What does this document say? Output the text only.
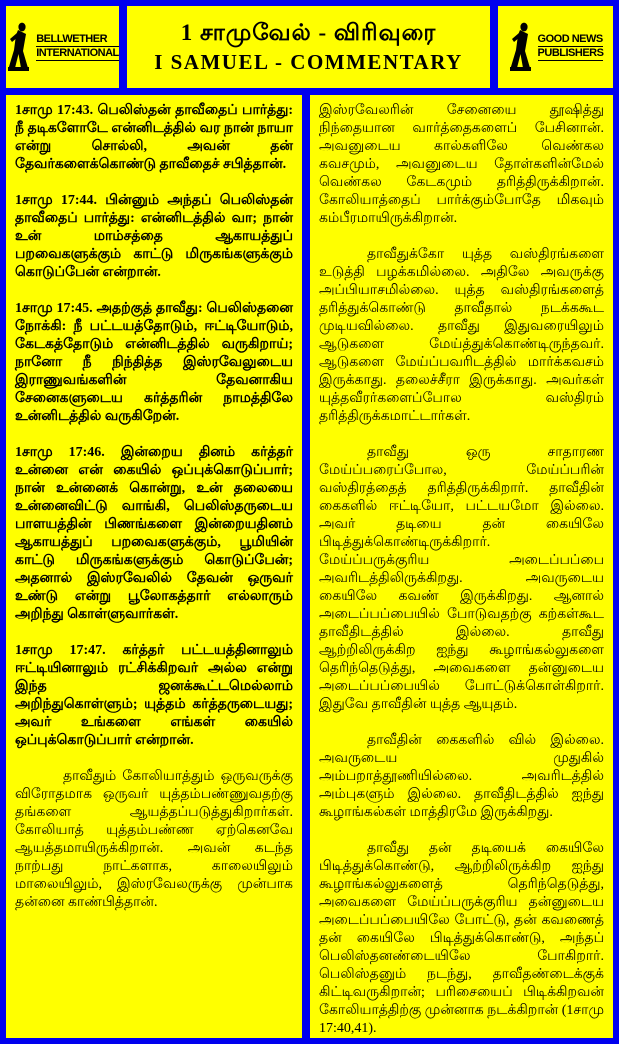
BELLWETHER
INTERNATIONAL
1 சாமுவேல் - விரிவுரை
I SAMUEL - COMMENTARY
GOOD NEWS
PUBLISHERS

1சாமு 17:43. பெலிஸ்தன் தாவீதைப் பார்த்து: நீ தடிகளோடே என்னிடத்தில் வர நான் நாயா என்று சொல்லி, அவன் தன் தேவர்களைக்கொண்டு தாவீதைச் சபித்தான்.

1சாமு 17:44. பின்னும் அந்தப் பெலிஸ்தன் தாவீதைப் பார்த்து: என்னிடத்தில் வா; நான் உன் மாம்சத்தை ஆகாயத்துப் பறவைகளுக்கும் காட்டு மிருகங்களுக்கும் கொடுப்பேன் என்றான்.

1சாமு 17:45. அதற்குத் தாவீது: பெலிஸ்தனை நோக்கி: நீ பட்டயத்தோடும், ஈட்டியோடும், கேடகத்தோடும் என்னிடத்தில் வருகிறாய்; நானோ நீ நிந்தித்த இஸ்ரவேலுடைய இராணுவங்களின் தேவனாகிய சேனைகளுடைய கர்த்தரின் நாமத்திலே உன்னிடத்தில் வருகிறேன்.

1சாமு 17:46. இன்றைய தினம் கர்த்தர் உன்னை என் கையில் ஒப்புக்கொடுப்பார்; நான் உன்னைக் கொன்று, உன் தலையை உன்னைவிட்டு வாங்கி, பெலிஸ்தருடைய பாளயத்தின் பிணங்களை இன்றையதினம் ஆகாயத்துப் பறவைகளுக்கும், பூமியின் காட்டு மிருகங்களுக்கும் கொடுப்பேன்; அதனால் இஸ்ரவேலில் தேவன் ஒருவர் உண்டு என்று பூலோகத்தார் எல்லாரும் அறிந்து கொள்ளுவார்கள்.

1சாமு 17:47. கர்த்தர் பட்டயத்தினாலும் ஈட்டியினாலும் ரட்சிக்கிறவர் அல்ல என்று இந்த ஜனக்கூட்டமெல்லாம் அறிந்துகொள்ளும்; யுத்தம் கர்த்தருடையது; அவர் உங்களை எங்கள் கையில் ஒப்புக்கொடுப்பார் என்றான்.

தாவீதும் கோலியாத்தும் ஒருவருக்கு விரோதமாக ஒருவர் யுத்தம்பண்ணுவதற்கு தங்களை ஆயத்தப்படுத்துகிறார்கள். கோலியாத் யுத்தம்பண்ண ஏற்கெனவே ஆயத்தமாயிருக்கிறான். அவன் கடந்த நாற்பது நாட்களாக, காலையிலும் மாலையிலும், இஸ்ரவேலருக்கு முன்பாக தன்னை காண்பித்தான்.

இஸ்ரவேலரின் சேனையை தூஷித்து நிந்தையான வார்த்தைகளைப் பேசினான். அவனுடைய கால்களிலே வெண்கல கவசமும், அவனுடைய தோள்களின்மேல் வெண்கல கேடகமும் தரித்திருக்கிறான். கோலியாத்தைப் பார்க்கும்போதே மிகவும் கம்பீரமாயிருக்கிறான்.

தாவீதுக்கோ யுத்த வஸ்திரங்களை உடுத்தி பழக்கமில்லை. அதிலே அவருக்கு அப்பியாசமில்லை. யுத்த வஸ்திரங்களைத் தரித்துக்கொண்டு தாவீதால் நடக்ககூட முடியவில்லை. தாவீது இதுவரையிலும் ஆடுகளை மேய்த்துக்கொண்டிருந்தவர். ஆடுகளை மேய்ப்பவரிடத்தில் மார்க்கவசம் இருக்காது. தலைச்சீரா இருக்காது. அவர்கள் யுத்தவீரர்களைப்போல வஸ்திரம் தரித்திருக்கமாட்டார்கள்.

தாவீது ஒரு சாதாரண மேய்ப்பரைப்போல, மேய்ப்பரின் வஸ்திரத்தைத் தரித்திருக்கிறார். தாவீதின் கைகளில் ஈட்டியோ, பட்டயமோ இல்லை. அவர் தடியை தன் கையிலே பிடித்துக்கொண்டிருக்கிறார். மேய்ப்பருக்குரிய அடைப்பப்பை அவரிடத்திலிருக்கிறது. அவருடைய கையிலே கவண் இருக்கிறது. ஆனால் அடைப்பப்பையில் போடுவதற்கு கற்கள்கூட தாவீதிடத்தில் இல்லை. தாவீது ஆற்றிலிருக்கிற ஐந்து கூழாங்கல்லுகளை தெரிந்தெடுத்து, அவைகளை தன்னுடைய அடைப்பப்பையில் போட்டுக்கொள்கிறார். இதுவே தாவீதின் யுத்த ஆயுதம்.

தாவீதின் கைகளில் வில் இல்லை. அவருடைய முதுகில் அம்பறாத்தூணியில்லை. அவரிடத்தில் அம்புகளும் இல்லை. தாவீதிடத்தில் ஐந்து கூழாங்கல்கள் மாத்திரமே இருக்கிறது.

தாவீது தன் தடியைக் கையிலே பிடித்துக்கொண்டு, ஆற்றிலிருக்கிற ஐந்து கூழாங்கல்லுகளைத் தெரிந்தெடுத்து, அவைகளை மேய்ப்பருக்குரிய தன்னுடைய அடைப்பப்பையிலே போட்டு, தன் கவணைத் தன் கையிலே பிடித்துக்கொண்டு, அந்தப் பெலிஸ்தனண்டையிலே போகிறார். பெலிஸ்தனும் நடந்து, தாவீதண்டைக்குக் கிட்டிவருகிறான்; பரிசையைப் பிடிக்கிறவன் கோலியாத்திற்கு முன்னாக நடக்கிறான் (1சாமு 17:40,41).
